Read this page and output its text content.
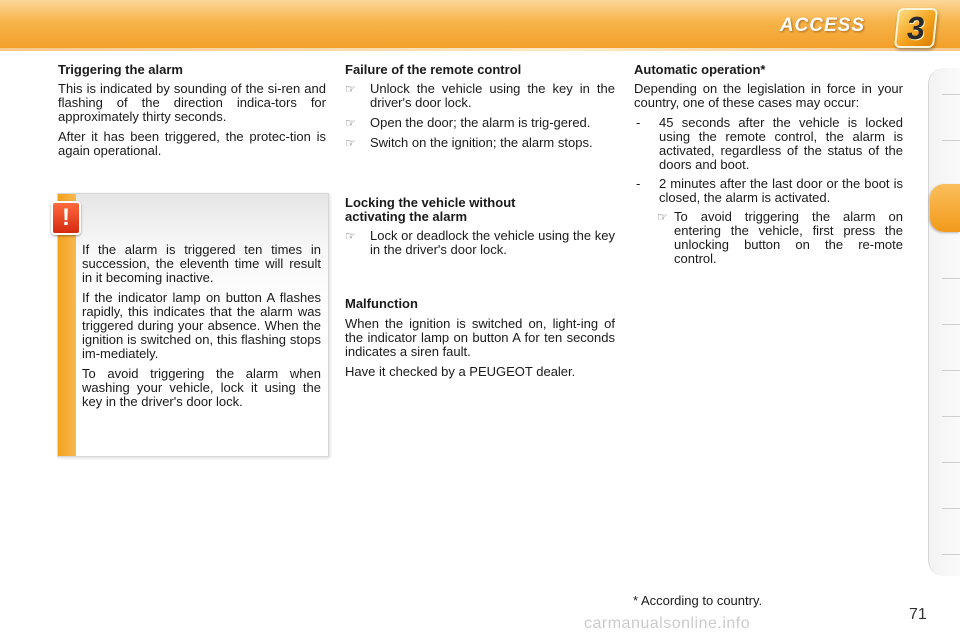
ACCESS 3
Triggering the alarm

This is indicated by sounding of the si-ren and flashing of the direction indica-tors for approximately thirty seconds.

After it has been triggered, the protec-tion is again operational.

!

If the alarm is triggered ten times in succession, the eleventh time will result in it becoming inactive.

If the indicator lamp on button A flashes rapidly, this indicates that the alarm was triggered during your absence. When the ignition is switched on, this flashing stops im-mediately.

To avoid triggering the alarm when washing your vehicle, lock it using the key in the driver's door lock.

Failure of the remote control
☞ Unlock the vehicle using the key in the driver's door lock.
☞ Open the door; the alarm is trig-gered.
☞ Switch on the ignition; the alarm stops.
Locking the vehicle without
activating the alarm
☞ Lock or deadlock the vehicle using the key in the driver's door lock.
Malfunction

When the ignition is switched on, light-ing of the indicator lamp on button A for ten seconds indicates a siren fault.

Have it checked by a PEUGEOT dealer.

Automatic operation*

Depending on the legislation in force in your country, one of these cases may occur:

- 45 seconds after the vehicle is locked using the remote control, the alarm is activated, regardless of the status of the doors and boot.
- 2 minutes after the last door or the boot is closed, the alarm is activated.
☞ To avoid triggering the alarm on entering the vehicle, first press the unlocking button on the re-mote control.
* According to country.
71
carmanualsonline.info
